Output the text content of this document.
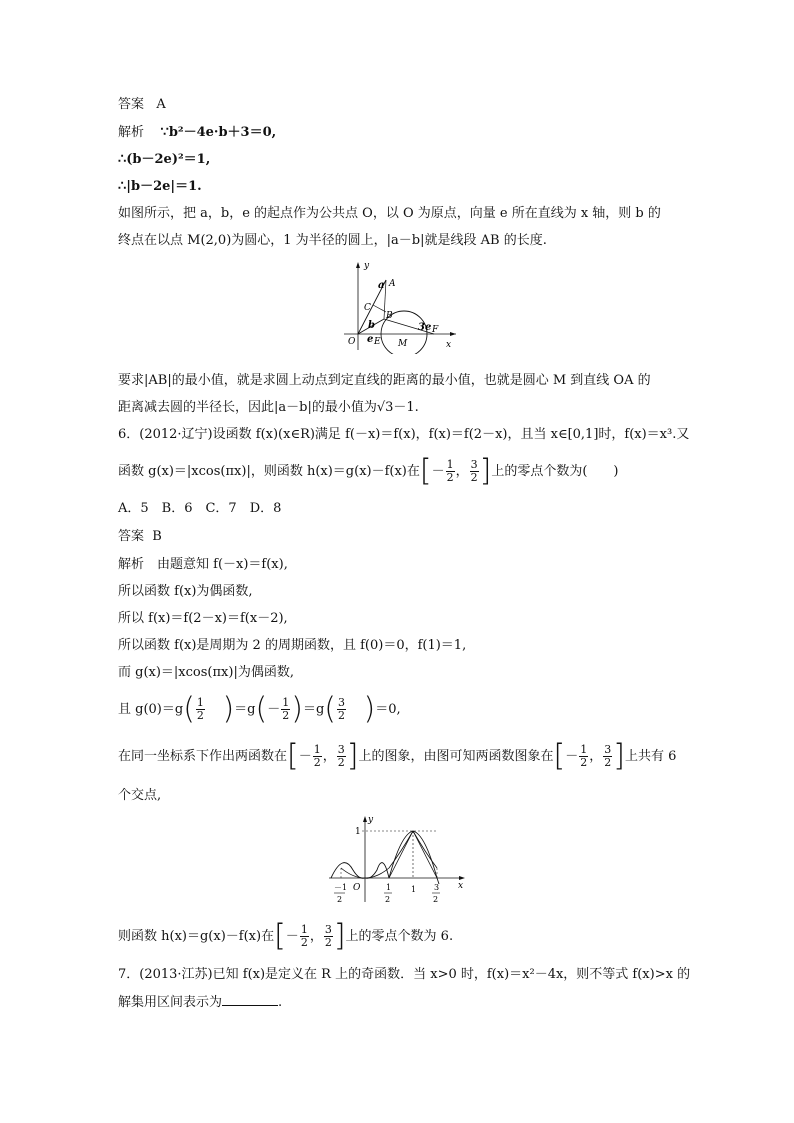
答案 A
解析 ∵b²－4e·b＋3＝0,
∴(b－2e)²＝1,
∴|b－2e|＝1.
如图所示，把 a，b，e 的起点作为公共点 O，以 O 为原点，向量 e 所在直线为 x 轴，则 b 的
终点在以点 M(2,0)为圆心，1 为半径的圆上，|a－b|就是线段 AB 的长度.
y
x
O
A
a
B
C
b
e E M
3e F
要求|AB|的最小值，就是求圆上动点到定直线的距离的最小值，也就是圆心 M 到直线 OA 的
距离减去圆的半径长，因此|a－b|的最小值为√3－1.
6．(2012·辽宁)设函数 f(x)(x∈R)满足 f(－x)＝f(x)，f(x)＝f(2－x)，且当 x∈[0,1]时，f(x)＝x³.又
函数 g(x)＝|xcos(πx)|，则函数 h(x)＝g(x)－f(x)在[－ $\frac{1}{2}$ ， $\frac{3}{2}$ ]上的零点个数为(　　)
A．5　B．6　C．7　D．8
答案 B
解析　由题意知 f(－x)＝f(x),
所以函数 f(x)为偶函数,
所以 f(x)＝f(2－x)＝f(x－2),
所以函数 f(x)是周期为 2 的周期函数，且 f(0)＝0，f(1)＝1,
而 g(x)＝|xcos(πx)|为偶函数,
且 $g(0)=g( \frac{1}{2} )=g(- \frac{1}{2} )=g( \frac{3}{2} )=0$,
在同一坐标系下作出两函数在[－ $\frac{1}{2}$ ， $\frac{3}{2}$ ]上的图象，由图可知两函数图象在[－ $\frac{1}{2}$ ， $\frac{3}{2}$ ]上共有 6
个交点,
y
x
1
O
－1
2
1
2
1 3
2
则函数 h(x)＝g(x)－f(x)在[－ $\frac{1}{2}$ ， $\frac{3}{2}$ ]上的零点个数为 6.
7．(2013·江苏)已知 f(x)是定义在 R 上的奇函数．当 x>0 时，f(x)＝x²－4x，则不等式 f(x)>x 的
解集用区间表示为	.
